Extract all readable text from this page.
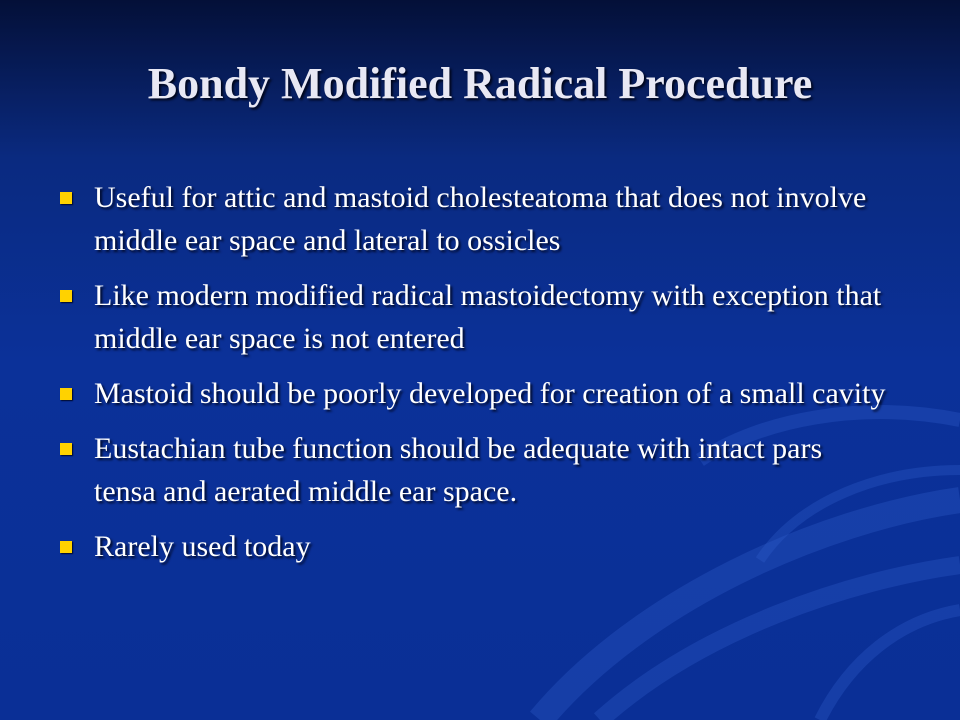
Bondy Modified Radical Procedure
Useful for attic and mastoid cholesteatoma that does not involve middle ear space and lateral to ossicles
Like modern modified radical mastoidectomy with exception that middle ear space is not entered
Mastoid should be poorly developed for creation of a small cavity
Eustachian tube function should be adequate with intact pars tensa and aerated middle ear space.
Rarely used today
